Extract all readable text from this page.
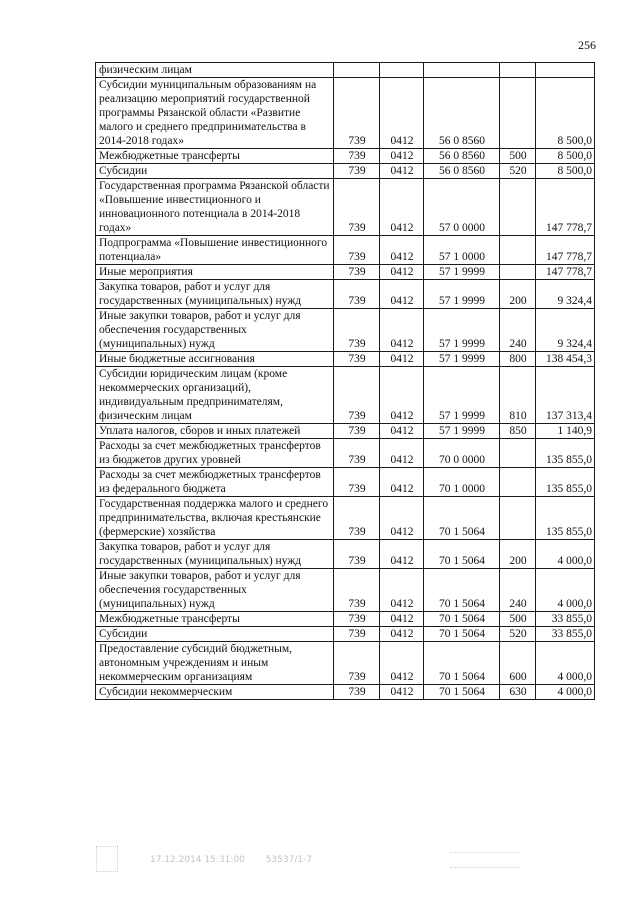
256
физическим лицам					
Субсидии муниципальным образованиям на реализацию мероприятий государственной программы Рязанской области «Развитие малого и среднего предпринимательства в 2014-2018 годах»	739	0412	56 0 8560		8 500,0
Межбюджетные трансферты	739	0412	56 0 8560	500	8 500,0
Субсидии	739	0412	56 0 8560	520	8 500,0
Государственная программа Рязанской области «Повышение инвестиционного и инновационного потенциала в 2014-2018 годах»	739	0412	57 0 0000		147 778,7
Подпрограмма «Повышение инвестиционного потенциала»	739	0412	57 1 0000		147 778,7
Иные мероприятия	739	0412	57 1 9999		147 778,7
Закупка товаров, работ и услуг для государственных (муниципальных) нужд	739	0412	57 1 9999	200	9 324,4
Иные закупки товаров, работ и услуг для обеспечения государственных (муниципальных) нужд	739	0412	57 1 9999	240	9 324,4
Иные бюджетные ассигнования	739	0412	57 1 9999	800	138 454,3
Субсидии юридическим лицам (кроме некоммерческих организаций), индивидуальным предпринимателям, физическим лицам	739	0412	57 1 9999	810	137 313,4
Уплата налогов, сборов и иных платежей	739	0412	57 1 9999	850	1 140,9
Расходы за счет межбюджетных трансфертов из бюджетов других уровней	739	0412	70 0 0000		135 855,0
Расходы за счет межбюджетных трансфертов из федерального бюджета	739	0412	70 1 0000		135 855,0
Государственная поддержка малого и среднего предпринимательства, включая крестьянские (фермерские) хозяйства	739	0412	70 1 5064		135 855,0
Закупка товаров, работ и услуг для государственных (муниципальных) нужд	739	0412	70 1 5064	200	4 000,0
Иные закупки товаров, работ и услуг для обеспечения государственных (муниципальных) нужд	739	0412	70 1 5064	240	4 000,0
Межбюджетные трансферты	739	0412	70 1 5064	500	33 855,0
Субсидии	739	0412	70 1 5064	520	33 855,0
Предоставление субсидий бюджетным, автономным учреждениям и иным некоммерческим организациям	739	0412	70 1 5064	600	4 000,0
Субсидии некоммерческим	739	0412	70 1 5064	630	4 000,0
17.12.2014 15:31:00 53537/1-7
